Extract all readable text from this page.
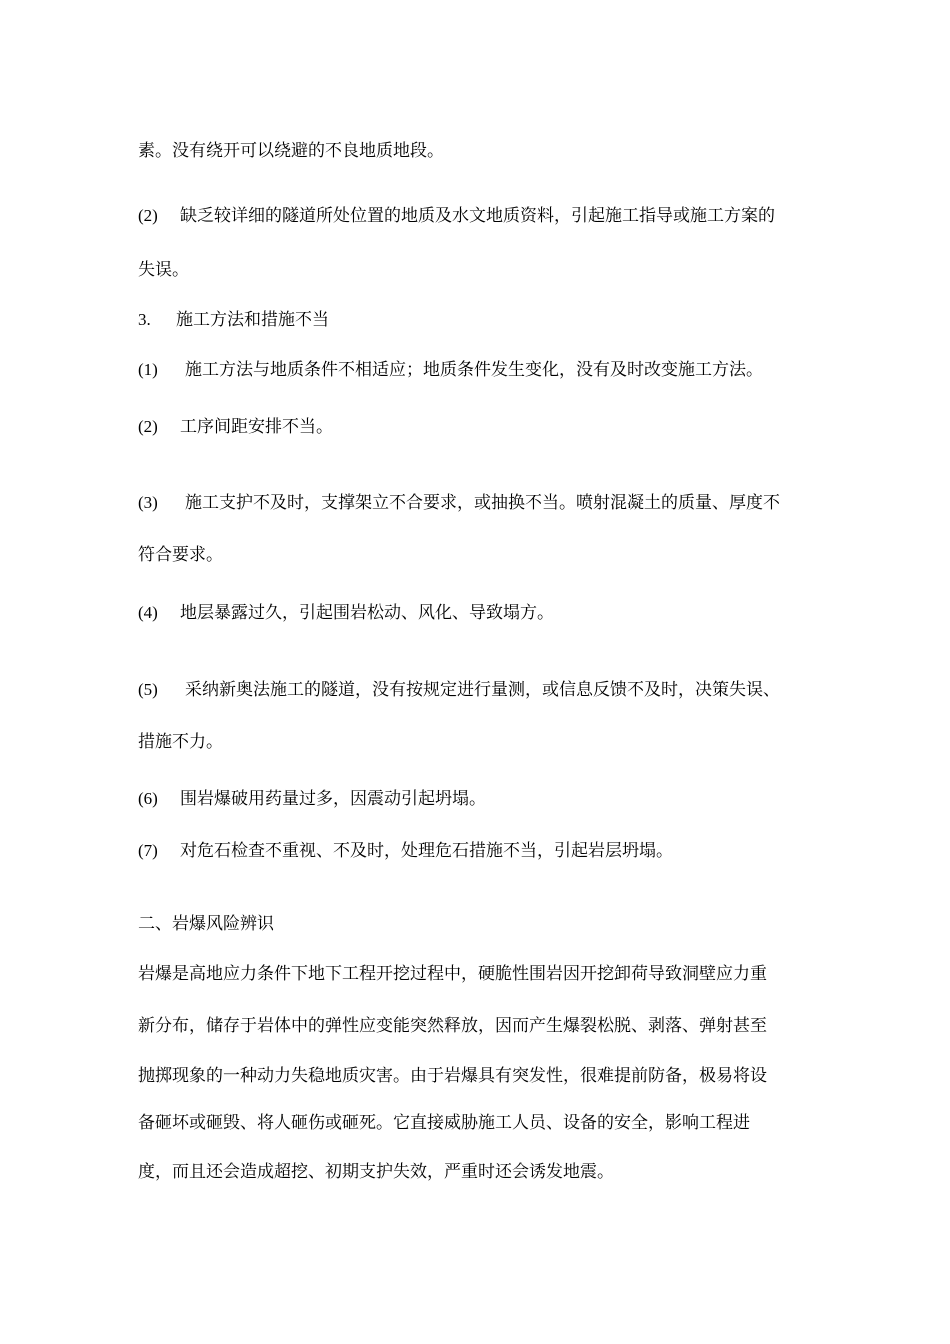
素。没有绕开可以绕避的不良地质地段。
(2) 缺乏较详细的隧道所处位置的地质及水文地质资料，引起施工指导或施工方案的
失误。
3. 施工方法和措施不当
(1) 施工方法与地质条件不相适应；地质条件发生变化，没有及时改变施工方法。
(2) 工序间距安排不当。
(3) 施工支护不及时，支撑架立不合要求，或抽换不当。喷射混凝土的质量、厚度不
符合要求。
(4) 地层暴露过久，引起围岩松动、风化、导致塌方。
(5) 采纳新奥法施工的隧道，没有按规定进行量测，或信息反馈不及时，决策失误、
措施不力。
(6) 围岩爆破用药量过多，因震动引起坍塌。
(7) 对危石检查不重视、不及时，处理危石措施不当，引起岩层坍塌。
二、岩爆风险辨识
岩爆是高地应力条件下地下工程开挖过程中，硬脆性围岩因开挖卸荷导致洞壁应力重
新分布，储存于岩体中的弹性应变能突然释放，因而产生爆裂松脱、剥落、弹射甚至
抛掷现象的一种动力失稳地质灾害。由于岩爆具有突发性，很难提前防备，极易将设
备砸坏或砸毁、将人砸伤或砸死。它直接威胁施工人员、设备的安全，影响工程进
度，而且还会造成超挖、初期支护失效，严重时还会诱发地震。
